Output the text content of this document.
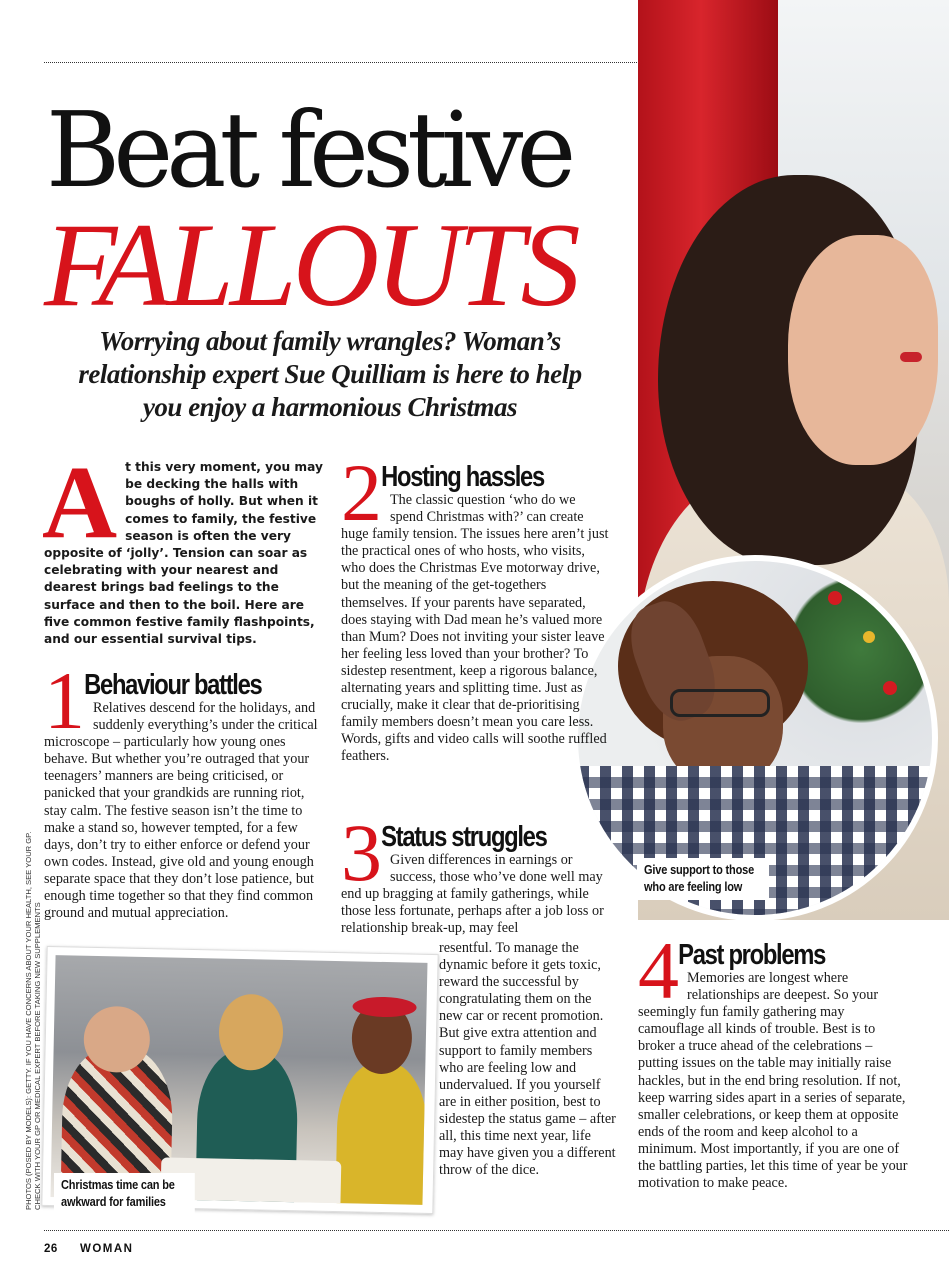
Give support to those who are feeling low
Beat festive
FALLOUTS
Worrying about family wrangles? Woman’s relationship expert Sue Quilliam is here to help you enjoy a harmonious Christmas
A t this very moment, you may be decking the halls with boughs of holly. But when it comes to family, the festive season is often the very opposite of ‘jolly’. Tension can soar as celebrating with your nearest and dearest brings bad feelings to the surface and then to the boil. Here are five common festive family flashpoints, and our essential survival tips.
1 Behaviour battles
Relatives descend for the holidays, and suddenly everything’s under the critical microscope – particularly how young ones behave. But whether you’re outraged that your teenagers’ manners are being criticised, or panicked that your grandkids are running riot, stay calm. The festive season isn’t the time to make a stand so, however tempted, for a few days, don’t try to either enforce or defend your own codes. Instead, give old and young enough separate space that they don’t lose patience, but enough time together so that they find common ground and mutual appreciation.
2 Hosting hassles
The classic question ‘who do we spend Christmas with?’ can create huge family tension. The issues here aren’t just the practical ones of who hosts, who visits, who does the Christmas Eve motorway drive, but the meaning of the get-togethers themselves. If your parents have separated, does staying with Dad mean he’s valued more than Mum? Does not inviting your sister leave her feeling less loved than your brother? To sidestep resentment, keep a rigorous balance, alternating years and splitting time. Just as crucially, make it clear that de-prioritising family members doesn’t mean you care less. Words, gifts and video calls will soothe ruffled feathers.
3 Status struggles
Given differences in earnings or success, those who’ve done well may end up bragging at family gatherings, while those less fortunate, perhaps after a job loss or relationship break-up, may feel
resentful. To manage the dynamic before it gets toxic, reward the successful by congratulating them on the new car or recent promotion. But give extra attention and support to family members who are feeling low and undervalued. If you yourself are in either position, best to sidestep the status game – after all, this time next year, life may have given you a different throw of the dice.
4 Past problems
Memories are longest where relationships are deepest. So your seemingly fun family gathering may camouflage all kinds of trouble. Best is to broker a truce ahead of the celebrations – putting issues on the table may initially raise hackles, but in the end bring resolution. If not, keep warring sides apart in a series of separate, smaller celebrations, or keep them at opposite ends of the room and keep alcohol to a minimum. Most importantly, if you are one of the battling parties, let this time of year be your motivation to make peace.
Christmas time can be awkward for families
PHOTOS (POSED BY MODELS): GETTY. IF YOU HAVE CONCERNS ABOUT YOUR HEALTH, SEE YOUR GP. CHECK WITH YOUR GP OR MEDICAL EXPERT BEFORE TAKING NEW SUPPLEMENTS
26 WOMAN
